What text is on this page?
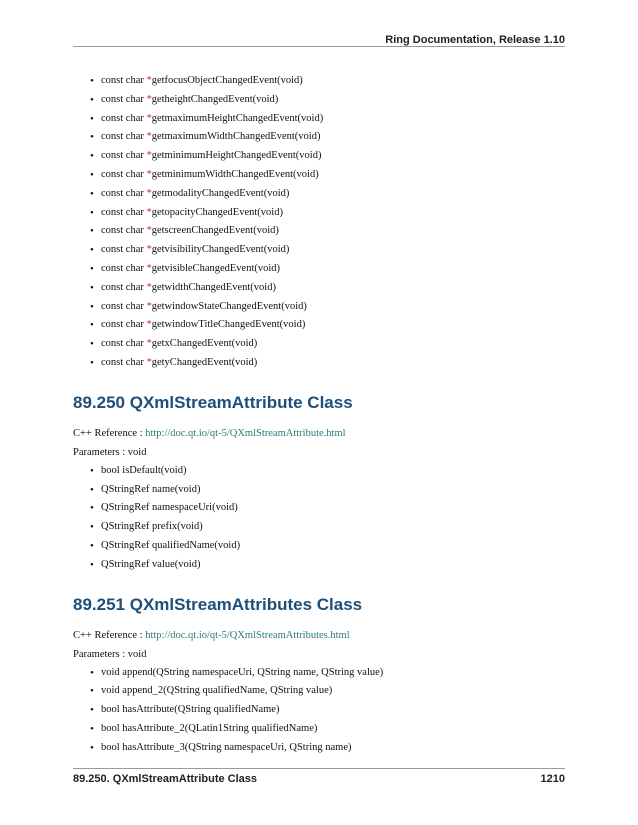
Ring Documentation, Release 1.10
• const char *getfocusObjectChangedEvent(void)
• const char *getheightChangedEvent(void)
• const char *getmaximumHeightChangedEvent(void)
• const char *getmaximumWidthChangedEvent(void)
• const char *getminimumHeightChangedEvent(void)
• const char *getminimumWidthChangedEvent(void)
• const char *getmodalityChangedEvent(void)
• const char *getopacityChangedEvent(void)
• const char *getscreenChangedEvent(void)
• const char *getvisibilityChangedEvent(void)
• const char *getvisibleChangedEvent(void)
• const char *getwidthChangedEvent(void)
• const char *getwindowStateChangedEvent(void)
• const char *getwindowTitleChangedEvent(void)
• const char *getxChangedEvent(void)
• const char *getyChangedEvent(void)
89.250 QXmlStreamAttribute Class
C++ Reference : http://doc.qt.io/qt-5/QXmlStreamAttribute.html
Parameters : void
• bool isDefault(void)
• QStringRef name(void)
• QStringRef namespaceUri(void)
• QStringRef prefix(void)
• QStringRef qualifiedName(void)
• QStringRef value(void)
89.251 QXmlStreamAttributes Class
C++ Reference : http://doc.qt.io/qt-5/QXmlStreamAttributes.html
Parameters : void
• void append(QString namespaceUri, QString name, QString value)
• void append_2(QString qualifiedName, QString value)
• bool hasAttribute(QString qualifiedName)
• bool hasAttribute_2(QLatin1String qualifiedName)
• bool hasAttribute_3(QString namespaceUri, QString name)
89.250. QXmlStreamAttribute Class	1210
